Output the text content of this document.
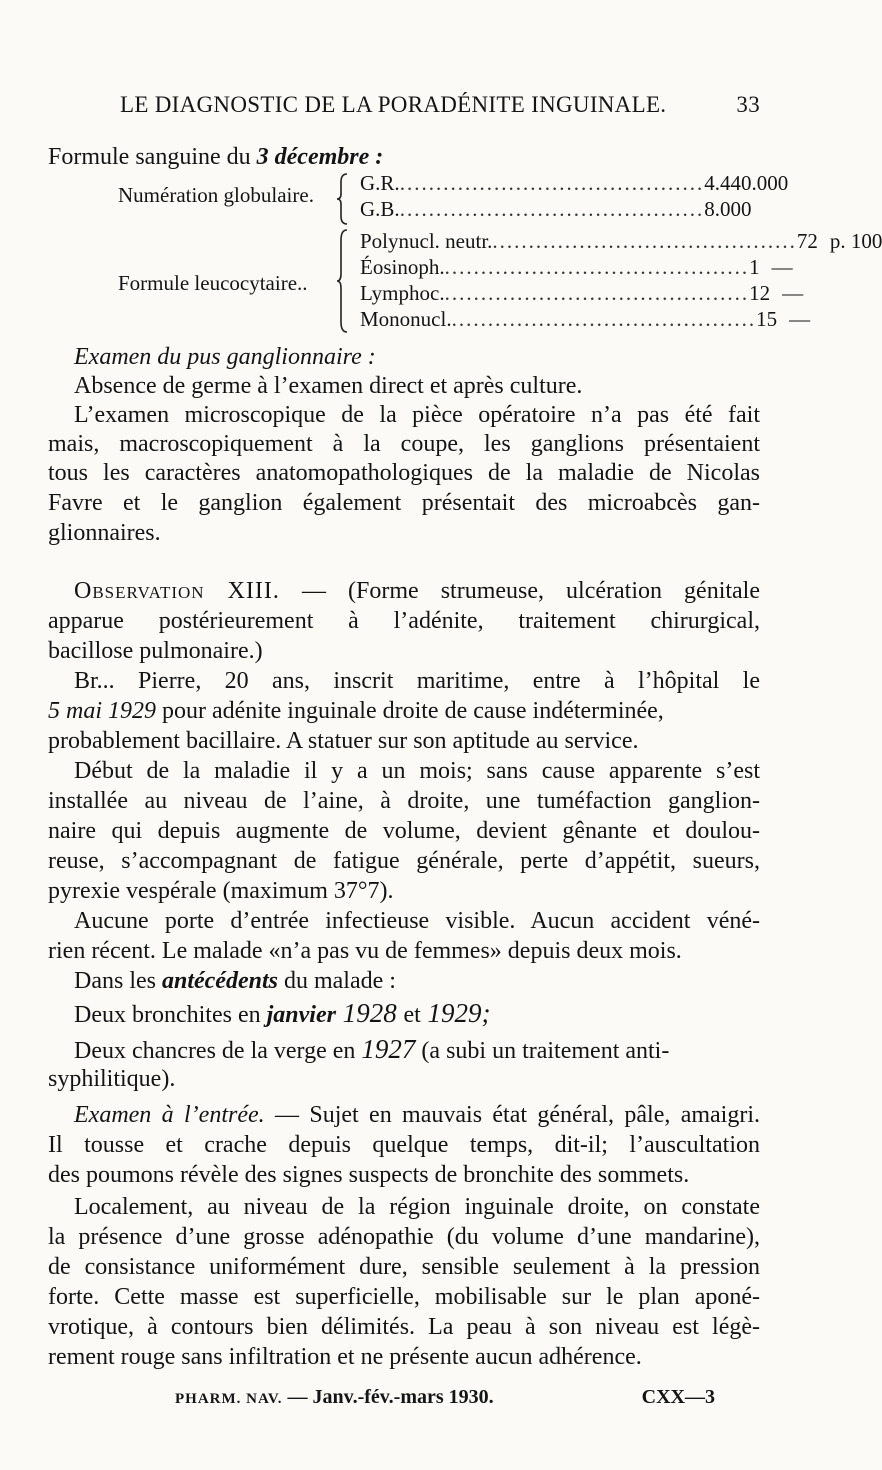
LE DIAGNOSTIC DE LA PORADÉNITE INGUINALE.	33
Formule sanguine du 3 décembre :
Numération globulaire. G.R. .......................................... 4.440.000
G.B. .......................................... 8.000
Formule leucocytaire..
Polynucl. neutr. .......................................... 72 p. 100
Éosinoph. .......................................... 1 —
Lymphoc. .......................................... 12 —
Mononucl. .......................................... 15 —
Examen du pus ganglionnaire :
Absence de germe à l’examen direct et après culture.
L’examen microscopique de la pièce opératoire n’a pas été fait
mais, macroscopiquement à la coupe, les ganglions présentaient
tous les caractères anatomopathologiques de la maladie de Nicolas
Favre et le ganglion également présentait des microabcès gan-
glionnaires.
Observation XIII. — (Forme strumeuse, ulcération génitale
apparue postérieurement à l’adénite, traitement chirurgical,
bacillose pulmonaire.)
Br... Pierre, 20 ans, inscrit maritime, entre à l’hôpital le
5 mai 1929 pour adénite inguinale droite de cause indéterminée,
probablement bacillaire. A statuer sur son aptitude au service.
Début de la maladie il y a un mois; sans cause apparente s’est
installée au niveau de l’aine, à droite, une tuméfaction ganglion-
naire qui depuis augmente de volume, devient gênante et doulou-
reuse, s’accompagnant de fatigue générale, perte d’appétit, sueurs,
pyrexie vespérale (maximum 37°7).
Aucune porte d’entrée infectieuse visible. Aucun accident véné-
rien récent. Le malade «n’a pas vu de femmes» depuis deux mois.
Dans les antécédents du malade :
Deux bronchites en janvier 1928 et 1929;
Deux chancres de la verge en 1927 (a subi un traitement anti-
syphilitique).
Examen à l’entrée. — Sujet en mauvais état général, pâle, amaigri.
Il tousse et crache depuis quelque temps, dit-il; l’auscultation
des poumons révèle des signes suspects de bronchite des sommets.
Localement, au niveau de la région inguinale droite, on constate
la présence d’une grosse adénopathie (du volume d’une mandarine),
de consistance uniformément dure, sensible seulement à la pression
forte. Cette masse est superficielle, mobilisable sur le plan aponé-
vrotique, à contours bien délimités. La peau à son niveau est légè-
rement rouge sans infiltration et ne présente aucun adhérence.
PHARM. NAV. — Janv.-fév.-mars 1930.	CXX—3
